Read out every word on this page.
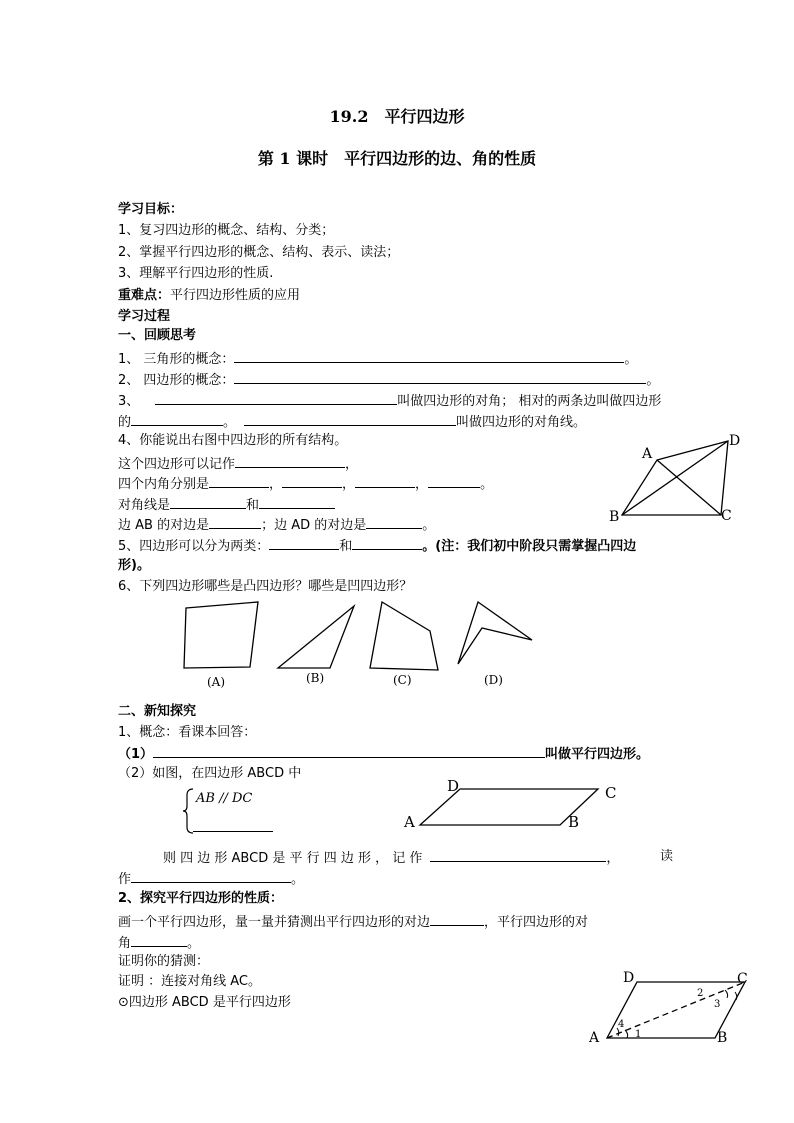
19.2　平行四边形
第 1 课时　平行四边形的边、角的性质
学习目标：
1、复习四边形的概念、结构、分类；
2、掌握平行四边形的概念、结构、表示、读法；
3、理解平行四边形的性质.
重难点：平行四边形性质的应用
学习过程
一、回顾思考
1、 三角形的概念：	。
2、 四边形的概念：	。
3、	叫做四边形的对角； 相对的两条边叫做四边形
的	。	叫做四边形的对角线。
4、你能说出右图中四边形的所有结构。
这个四边形可以记作	，
四个内角分别是	，	，	，	。
对角线是	和
边 AB 的对边是	；边 AD 的对边是	。
5、四边形可以分为两类：	和	。(注：我们初中阶段只需掌握凸四边
形)。
6、下列四边形哪些是凸四边形？哪些是凹四边形？
A
D
B	C
(A)	(B)	(C)	(D)
二、新知探究
1、概念：看课本回答：
（1）	叫做平行四边形。
（2）如图，在四边形 ABCD 中
AB // DC
D	C
A	B
则 四 边 形 ABCD 是 平 行 四 边 形 ， 记 作	，	读
作	。
2、探究平行四边形的性质：
画一个平行四边形，量一量并猜测出平行四边形的对边	，平行四边形的对
角	。
证明你的猜测：
证明 ：连接对角线 AC。
⊙四边形 ABCD 是平行四边形
D	C
A	B
2
3
4
1
